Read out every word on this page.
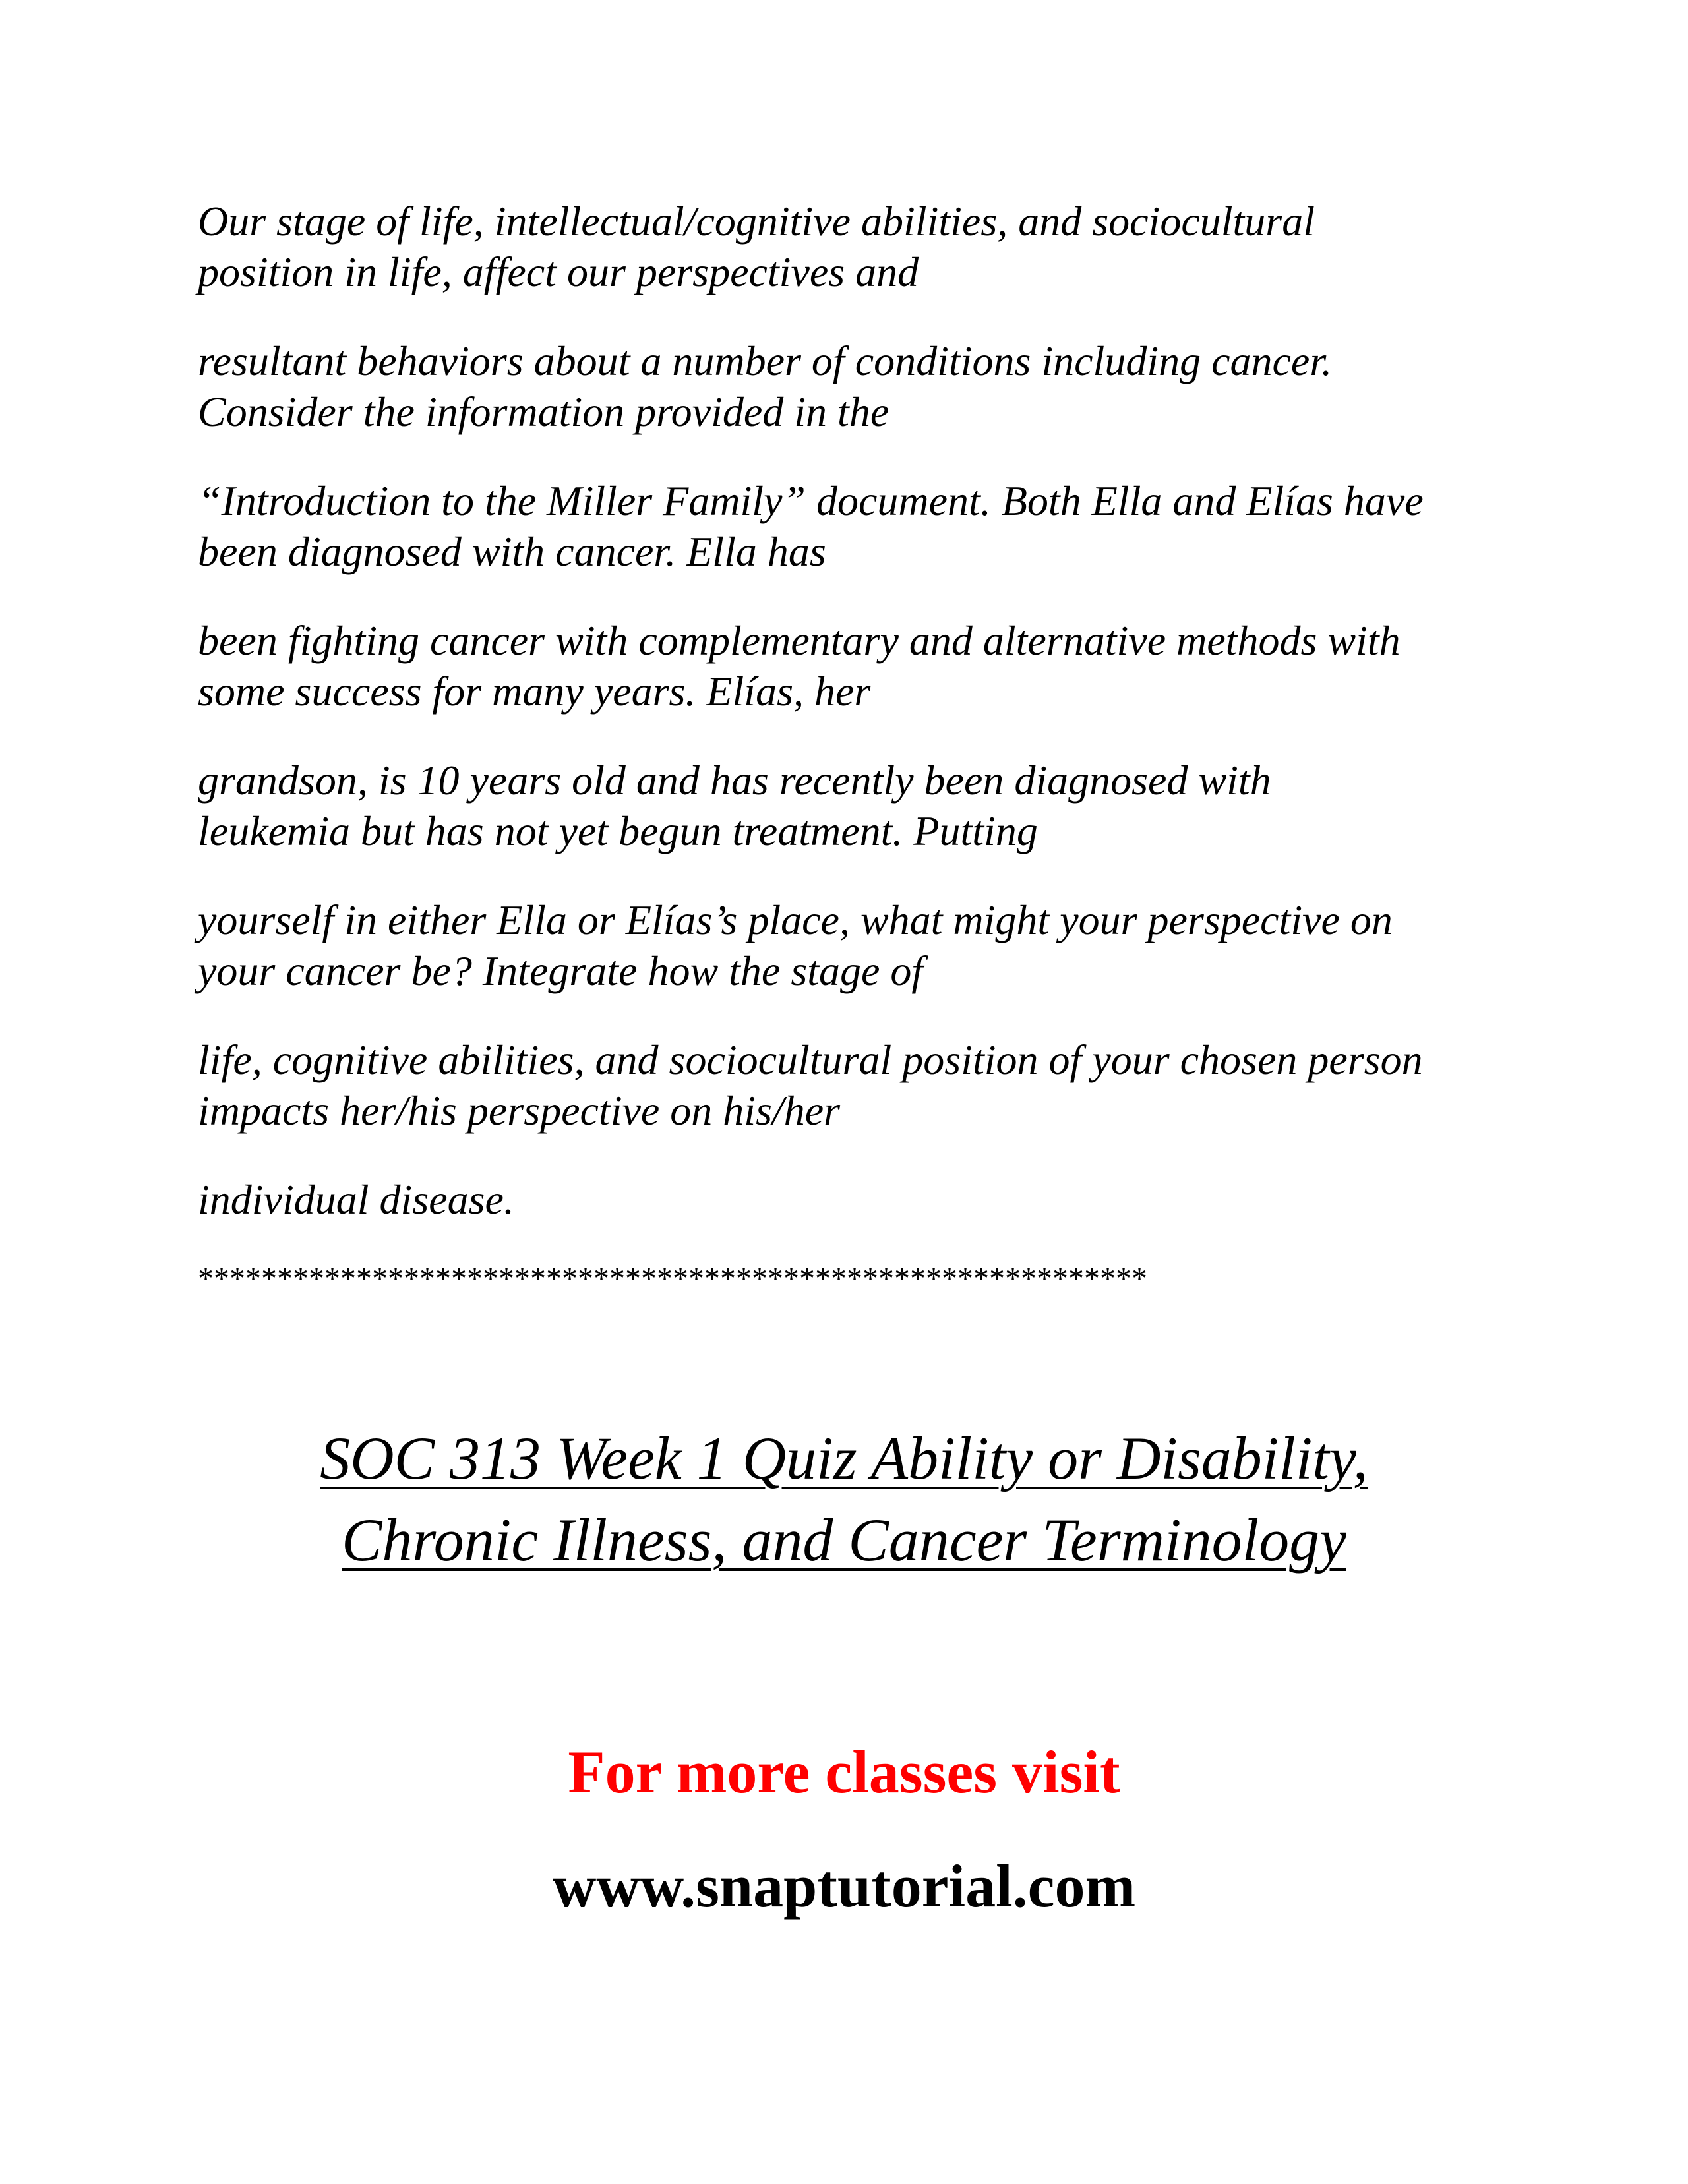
Our stage of life, intellectual/cognitive abilities, and sociocultural
position in life, affect our perspectives and
resultant behaviors about a number of conditions including cancer.
Consider the information provided in the
“Introduction to the Miller Family” document. Both Ella and Elías have
been diagnosed with cancer. Ella has
been fighting cancer with complementary and alternative methods with
some success for many years. Elías, her
grandson, is 10 years old and has recently been diagnosed with
leukemia but has not yet begun treatment. Putting
yourself in either Ella or Elías’s place, what might your perspective on
your cancer be? Integrate how the stage of
life, cognitive abilities, and sociocultural position of your chosen person
impacts her/his perspective on his/her
individual disease.
************************************************************
SOC 313 Week 1 Quiz Ability or Disability,
Chronic Illness, and Cancer Terminology
For more classes visit
www.snaptutorial.com
